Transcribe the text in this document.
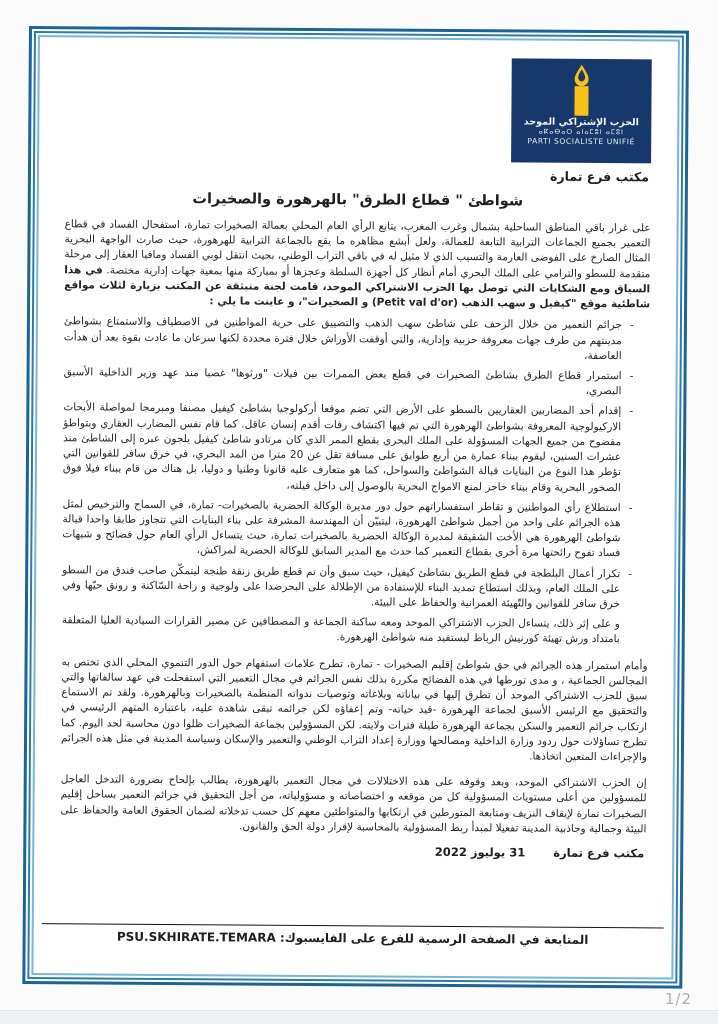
الحزب الإشتراكي الموحد
ⴰⴽⴰⴱⴰⵔ ⴰⵏⴰⵎⵓⵏ ⴰⵎⵓⵏ
PARTI SOCIALISTE UNIFIÉ
مكتب فرع تمارة
شواطئ " قطاع الطرق" بالهرهورة والصخيرات
على غرار باقي المناطق الساحلية بشمال وغرب المغرب، يتابع الرأي العام المحلي بعمالة الصخيرات تمارة، استفحال الفساد في قطاع التعمير بجميع الجماعات الترابية التابعة للعمالة، ولعل أبشع مظاهره ما يقع بالجماعة الترابية للهرهورة، حيث صارت الواجهة البحرية المثال الصارخ على الفوضى العارمة والتسيب الذي لا مثيل له في باقي التراب الوطني، بحيث انتقل لوبي الفساد ومافيا العقار إلى مرحلة متقدمة للسطو والترامي على الملك البحري أمام أنظار كل أجهزة السلطة وعجزها أو بمباركة منها بمعية جهات إدارية مختصة. في هذا السياق ومع الشكايات التي توصل بها الحزب الاشتراكي الموحد، قامت لجنة منبثقة عن المكتب بزيارة لثلاث مواقع شاطئية موقع "كيفيل و سهب الذهب (Petit val d'or) و الصخيرات"، و عاينت ما يلي :
-
جرائم التعمير من خلال الزحف على شاطئ سهب الذهب والتضييق على حرية المواطنين في الاصطياف والاستمتاع بشواطئ مدينتهم من طرف جهات معروفة حزبية وإدارية، والتي أوقفت الأوراش خلال فترة محددة لكنها سرعان ما عادت بقوة بعد أن هدأت العاصفة،
-
استمرار قطاع الطرق بشاطئ الصخيرات في قطع بعض الممرات بين فيلات "ورثوها" غصبا مند عهد وزير الداخلية الأسبق البصري،
-
إقدام أحد المضاربين العقاريين بالسطو على الأرض التي تضم موقعا أركولوجيا بشاطئ كيفيل مصنفا ومبرمجا لمواصلة الأبحاث الاركيولوجية المعروفة بشواطئ الهرهورة التي تم فيها اكتشاف رفات أقدم إنسان عاقل. كما قام نفس المضارب العقاري وبتواطؤ مفضوح من جميع الجهات المسؤولة على الملك البحري بقطع الممر الذي كان مرتادو شاطئ كيفيل يلجون عبره إلى الشاطئ منذ عشرات السنين، ليقوم ببناء عمارة من أربع طوابق على مسافة تقل عن 20 مترا من المد البحري، في خرق سافر للقوانين التي تؤطر هذا النوع من البنايات قبالة الشواطئ والسواحل، كما هو متعارف عليه قانونا وطنيا و دوليا، بل هناك من قام ببناء فيلا فوق الصخور البحرية وقام ببناء حاجز لمنع الامواج البحرية بالوصول إلى داخل فيلته،
-
استطلاع رأي المواطنين و تقاطر استفساراتهم حول دور مديرة الوكالة الحضرية بالصخيرات- تمارة، في السماح والترخيص لمثل هذه الجرائم على واحد من أجمل شواطئ الهرهورة، ليتبيّن أن المهندسة المشرفة على بناء البنايات التي تتجاوز طابقا واحدا قبالة شواطئ الهرهورة هي الأخت الشقيقة لمديرة الوكالة الحضرية بالصخيرات تمارة، حيث يتساءل الرأي العام حول فضائح و شبهات فساد تفوح رائحتها مرة أخرى بقطاع التعمير كما حدث مع المدير السابق للوكالة الحضرية لمراكش،
-
تكرار أعمال البلطجة في قطع الطريق بشاطئ كيفيل، حيث سبق وأن تم قطع طريق زنقة طنجة ليتمكّن صاحب فندق من السطو على الملك العام، وبذلك استطاع تمديد البناء للإستفادة من الإطلالة على البحرضدا على ولوجية و راحة السّاكنة و رونق حيّها وفي خرق سافر للقوانين والتّهيئة العمرانية والحفاظ على البيئة.
و على إثر ذلك، يتساءل الحزب الاشتراكي الموحد ومعه ساكنة الجماعة و المصطافين عن مصير القرارات السيادية العليا المتعلقة بامتداد ورش تهيئة كورنيش الرباط ليستفيد منه شواطئ الهرهورة.
وأمام استمرار هذه الجرائم في حق شواطئ إقليم الصخيرات - تمارة، تطرح علامات استفهام حول الدور التنموي المحلي الذي تختص به المجالس الجماعية ، و مدى تورطها في هذه الفضائح مكررة بذلك نفس الجرائم في مجال التعمير التي استفحلت في عهد سالفاتها والتي سبق للحزب الاشتراكي الموحد أن تطرق إليها في بياناته وبلاغاته وتوصيات ندواته المنظمة بالصخيرات وبالهرهورة. ولقد تم الاستماع والتحقيق مع الرئيس الأسبق لجماعة الهرهورة -قيد حياته- وتم إعفاؤه لكن جرائمه تبقى شاهدة عليه، باعتباره المتهم الرئيسي في ارتكاب جرائم التعمير والسكن بجماعة الهرهورة طيلة فترات ولايته. لكن المسؤولين بجماعة الصخيرات ظلوا دون محاسبة لحد اليوم. كما تطرح تساؤلات حول ردود وزارة الداخلية ومصالحها ووزارة إعداد التراب الوطني والتعمير والإسكان وسياسة المدينة في مثل هذه الجرائم والإجراءات المتعين اتخاذها.
إن الحزب الاشتراكي الموحد، وبعد وقوفه على هذه الاختلالات في مجال التعمير بالهرهورة، يطالب بإلحاح بضرورة التدخل العاجل للمسؤولين من أعلى مستويات المسؤولية كل من موقعه و اختصاصاته و مسؤولياته، من أجل التحقيق في جرائم التعمير بساحل إقليم الصخيرات تمارة لإيقاف النزيف ومتابعة المتورطين في ارتكابها والمتواطئين معهم كل حسب تدخلاته لضمان الحقوق العامة والحفاظ على البيئة وجمالية وجاذبية المدينة تفعيلا لمبدأ ربط المسؤولية بالمحاسبة لإقرار دولة الحق والقانون.
مكتب فرع تمارة
31 يوليوز 2022
المتابعة في الصفحة الرسمية للفرع على الفايسبوك: PSU.SKHIRATE.TEMARA
1/2
